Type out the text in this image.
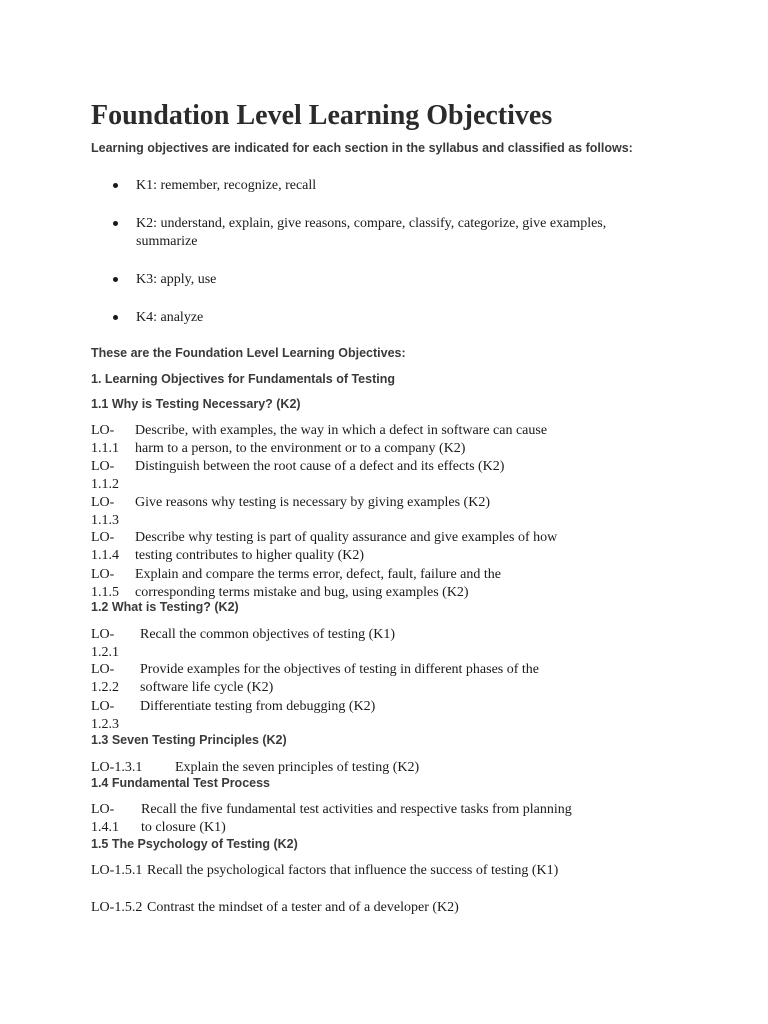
Foundation Level Learning Objectives

Learning objectives are indicated for each section in the syllabus and classified as follows:

K1: remember, recognize, recall
K2: understand, explain, give reasons, compare, classify, categorize, give examples, summarize
K3: apply, use
K4: analyze

These are the Foundation Level Learning Objectives:

1. Learning Objectives for Fundamentals of Testing

1.1 Why is Testing Necessary? (K2)

LO-
1.1.1
Describe, with examples, the way in which a defect in software can cause harm to a person, to the environment or to a company (K2)
LO-
1.1.2
Distinguish between the root cause of a defect and its effects (K2)
LO-
1.1.3
Give reasons why testing is necessary by giving examples (K2)
LO-
1.1.4
Describe why testing is part of quality assurance and give examples of how testing contributes to higher quality (K2)
LO-
1.1.5
Explain and compare the terms error, defect, fault, failure and the corresponding terms mistake and bug, using examples (K2)

1.2 What is Testing? (K2)

LO-
1.2.1
Recall the common objectives of testing (K1)
LO-
1.2.2
Provide examples for the objectives of testing in different phases of the software life cycle (K2)
LO-
1.2.3
Differentiate testing from debugging (K2)

1.3 Seven Testing Principles (K2)

LO-1.3.1 Explain the seven principles of testing (K2)

1.4 Fundamental Test Process

LO-
1.4.1
Recall the five fundamental test activities and respective tasks from planning to closure (K1)

1.5 The Psychology of Testing (K2)

LO-1.5.1 Recall the psychological factors that influence the success of testing (K1)
LO-1.5.2 Contrast the mindset of a tester and of a developer (K2)
